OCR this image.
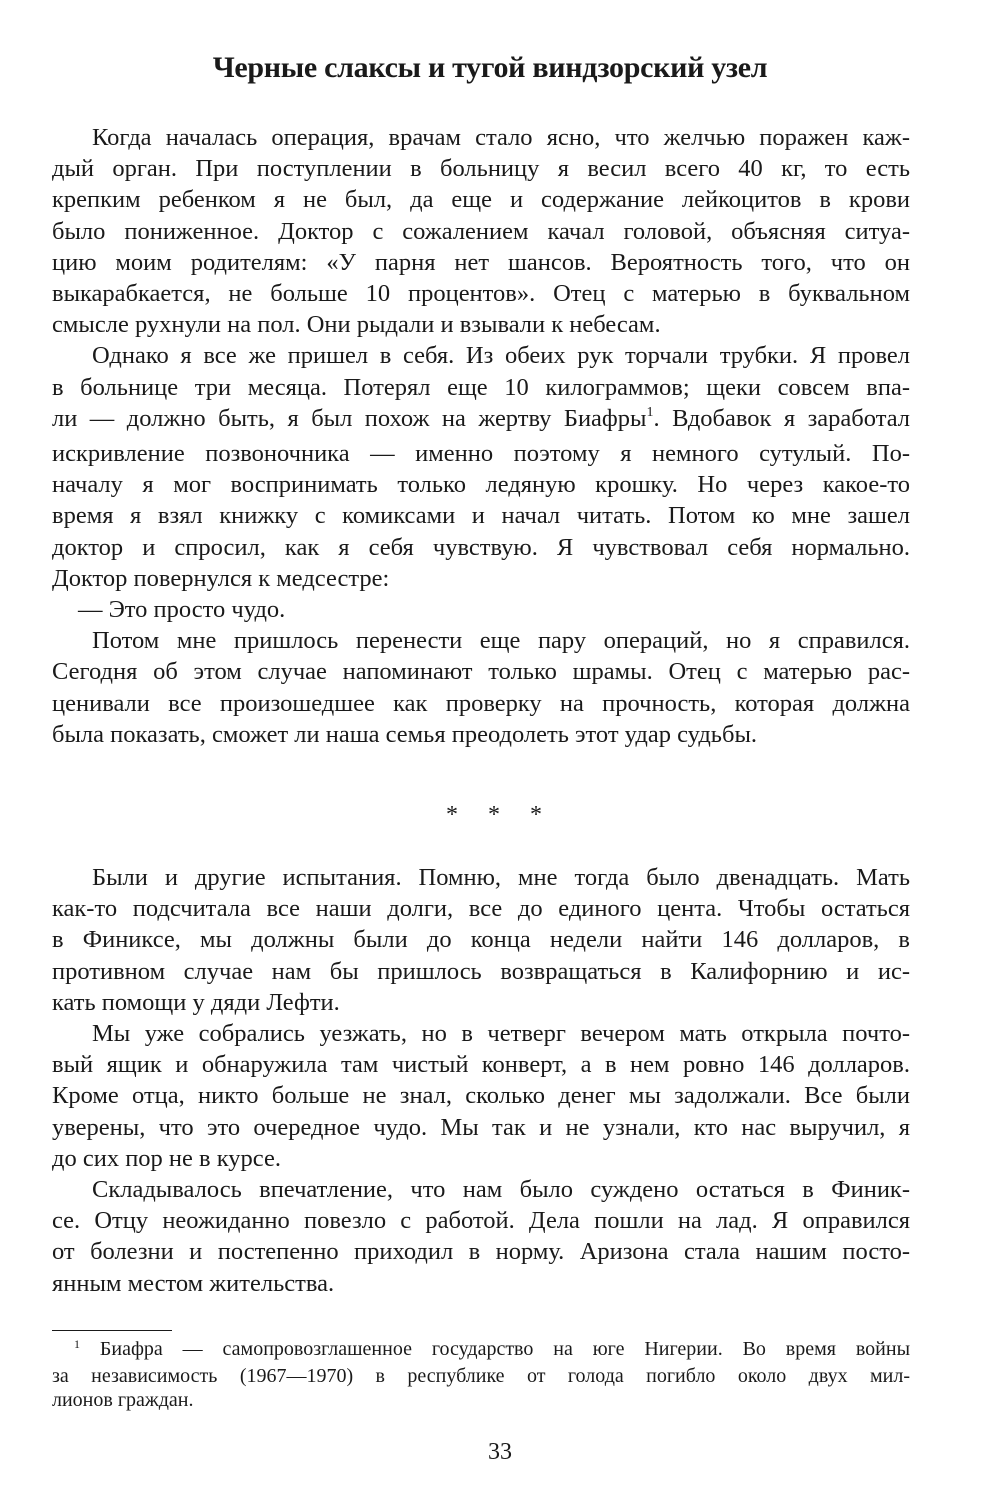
Черные слаксы и тугой виндзорский узел
Когда началась операция, врачам стало ясно, что желчью поражен каж-
дый орган. При поступлении в больницу я весил всего 40 кг, то есть
крепким ребенком я не был, да еще и содержание лейкоцитов в крови
было пониженное. Доктор с сожалением качал головой, объясняя ситуа-
цию моим родителям: «У парня нет шансов. Вероятность того, что он
выкарабкается, не больше 10 процентов». Отец с матерью в буквальном
смысле рухнули на пол. Они рыдали и взывали к небесам.
Однако я все же пришел в себя. Из обеих рук торчали трубки. Я провел
в больнице три месяца. Потерял еще 10 килограммов; щеки совсем впа-
ли — должно быть, я был похож на жертву Биафры$^1$. Вдобавок я заработал
искривление позвоночника — именно поэтому я немного сутулый. По-
началу я мог воспринимать только ледяную крошку. Но через какое-то
время я взял книжку с комиксами и начал читать. Потом ко мне зашел
доктор и спросил, как я себя чувствую. Я чувствовал себя нормально.
Доктор повернулся к медсестре:
— Это просто чудо.
Потом мне пришлось перенести еще пару операций, но я справился.
Сегодня об этом случае напоминают только шрамы. Отец с матерью рас-
ценивали все произошедшее как проверку на прочность, которая должна
была показать, сможет ли наша семья преодолеть этот удар судьбы.
* * *
Были и другие испытания. Помню, мне тогда было двенадцать. Мать
как-то подсчитала все наши долги, все до единого цента. Чтобы остаться
в Финиксе, мы должны были до конца недели найти 146 долларов, в
противном случае нам бы пришлось возвращаться в Калифорнию и ис-
кать помощи у дяди Лефти.
Мы уже собрались уезжать, но в четверг вечером мать открыла почто-
вый ящик и обнаружила там чистый конверт, а в нем ровно 146 долларов.
Кроме отца, никто больше не знал, сколько денег мы задолжали. Все были
уверены, что это очередное чудо. Мы так и не узнали, кто нас выручил, я
до сих пор не в курсе.
Складывалось впечатление, что нам было суждено остаться в Финик-
се. Отцу неожиданно повезло с работой. Дела пошли на лад. Я оправился
от болезни и постепенно приходил в норму. Аризона стала нашим посто-
янным местом жительства.
$^1$ Биафра — самопровозглашенное государство на юге Нигерии. Во время войны
за независимость (1967—1970) в республике от голода погибло около двух мил-
лионов граждан.
33
